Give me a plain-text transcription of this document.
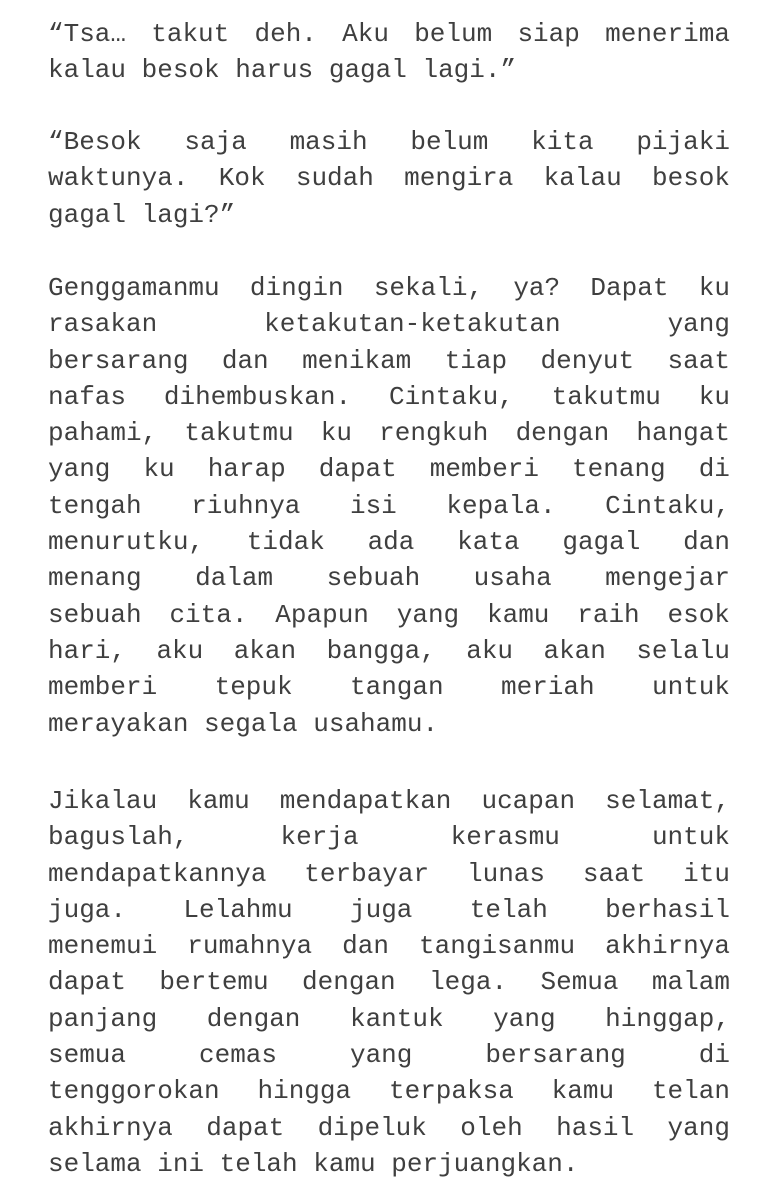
“Tsa… takut deh. Aku belum siap menerima
kalau besok harus gagal lagi.”
“Besok saja masih belum kita pijaki
waktunya. Kok sudah mengira kalau besok
gagal lagi?”
Genggamanmu dingin sekali, ya? Dapat ku
rasakan	ketakutan-ketakutan	yang
bersarang dan menikam tiap denyut saat
nafas dihembuskan. Cintaku, takutmu ku
pahami, takutmu ku rengkuh dengan hangat
yang ku harap dapat memberi tenang di
tengah riuhnya isi kepala. Cintaku,
menurutku, tidak ada kata gagal dan
menang dalam sebuah usaha mengejar
sebuah cita. Apapun yang kamu raih esok
hari, aku akan bangga, aku akan selalu
memberi tepuk tangan meriah untuk
merayakan segala usahamu.
Jikalau kamu mendapatkan ucapan selamat,
baguslah,	kerja	kerasmu	untuk
mendapatkannya terbayar lunas saat itu
juga. Lelahmu juga telah berhasil
menemui rumahnya dan tangisanmu akhirnya
dapat bertemu dengan lega. Semua malam
panjang dengan kantuk yang hinggap,
semua	cemas	yang	bersarang	di
tenggorokan hingga terpaksa kamu telan
akhirnya dapat dipeluk oleh hasil yang
selama ini telah kamu perjuangkan.
